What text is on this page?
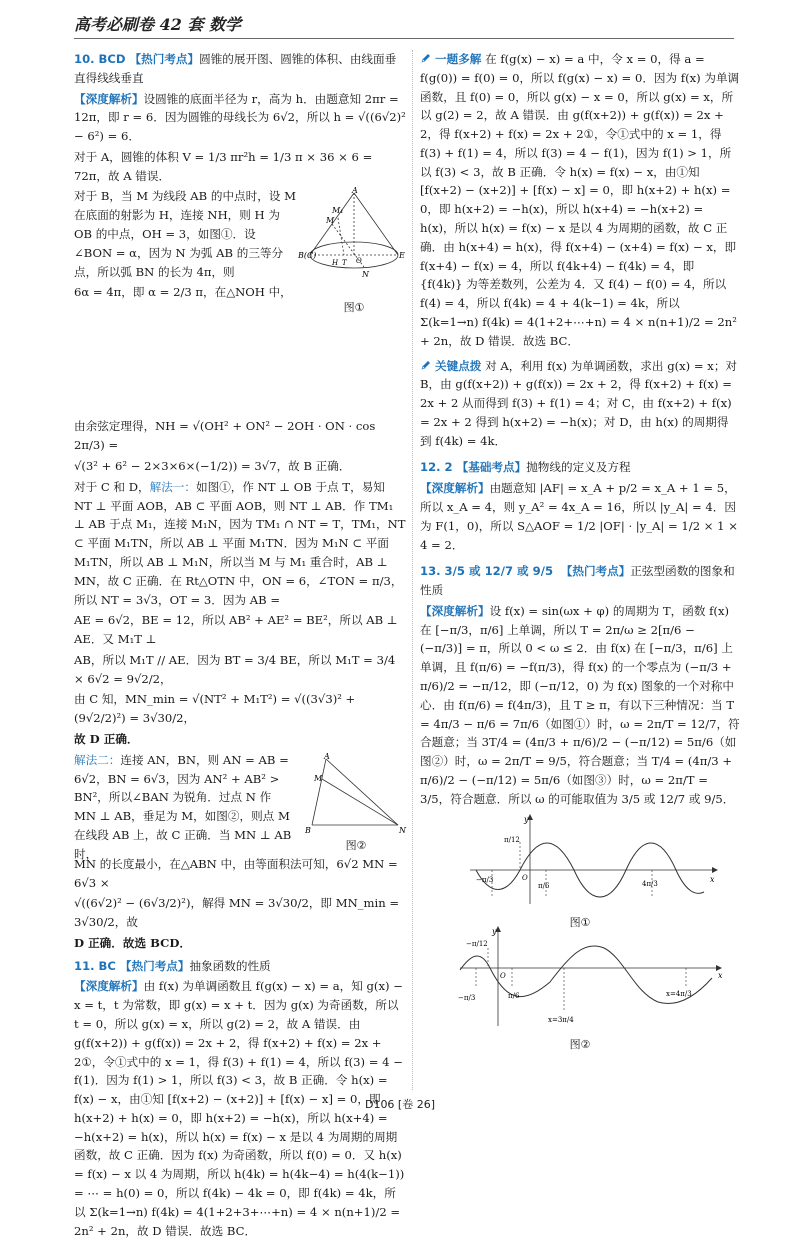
高考必刷卷 42 套 数学

10. BCD 【热门考点】圆锥的展开图、圆锥的体积、由线面垂直得线线垂直

【深度解析】设圆锥的底面半径为 r，高为 h．由题意知 2πr = 12π，即 r = 6．因为圆锥的母线长为 6√2，所以 h = √((6√2)² − 6²) = 6．

对于 A，圆锥的体积 V = 1/3 πr²h = 1/3 π × 36 × 6 = 72π，故 A 错误．

对于 B，当 M 为线段 AB 的中点时，设 M 在底面的射影为 H，连接 NH，则 H 为 OB 的中点，OH = 3，如图①．设 ∠BON = α，因为 N 为弧 AB 的三等分点，所以弧 BN 的长为 4π，则

6α = 4π，即 α = 2/3 π，在△NOH 中，

A
M
M₁
B(C)
H T O
N
E
图①

由余弦定理得，NH = √(OH² + ON² − 2OH · ON · cos 2π/3) =

√(3² + 6² − 2×3×6×(−1/2)) = 3√7，故 B 正确．

对于 C 和 D，解法一：如图①，作 NT ⊥ OB 于点 T，易知 NT ⊥ 平面 AOB，AB ⊂ 平面 AOB，则 NT ⊥ AB．作 TM₁ ⊥ AB 于点 M₁，连接 M₁N，因为 TM₁ ∩ NT = T，TM₁，NT ⊂ 平面 M₁TN，所以 AB ⊥ 平面 M₁TN．因为 M₁N ⊂ 平面 M₁TN，所以 AB ⊥ M₁N，所以当 M 与 M₁ 重合时，AB ⊥ MN，故 C 正确．在 Rt△OTN 中，ON = 6，∠TON = π/3，所以 NT = 3√3，OT = 3．因为 AB =

AE = 6√2，BE = 12，所以 AB² + AE² = BE²，所以 AB ⊥ AE．又 M₁T ⊥

AB，所以 M₁T // AE．因为 BT = 3/4 BE，所以 M₁T = 3/4 × 6√2 = 9√2/2，

由 C 知，MN_min = √(NT² + M₁T²) = √((3√3)² + (9√2/2)²) = 3√30/2，

故 D 正确．

解法二：连接 AN，BN，则 AN = AB = 6√2，BN = 6√3，因为 AN² + AB² > BN²，所以∠BAN 为锐角．过点 N 作 MN ⊥ AB，垂足为 M，如图②，则点 M 在线段 AB 上，故 C 正确．当 MN ⊥ AB 时，

A
M
B	N
图②

MN 的长度最小，在△ABN 中，由等面积法可知，6√2 MN = 6√3 ×

√((6√2)² − (6√3/2)²)，解得 MN = 3√30/2，即 MN_min = 3√30/2，故

D 正确．故选 BCD．

11. BC 【热门考点】抽象函数的性质

【深度解析】由 f(x) 为单调函数且 f(g(x) − x) = a，知 g(x) − x = t，t 为常数，即 g(x) = x + t．因为 g(x) 为奇函数，所以 t = 0，所以 g(x) = x，所以 g(2) = 2，故 A 错误．由 g(f(x+2)) + g(f(x)) = 2x + 2，得 f(x+2) + f(x) = 2x + 2①，令①式中的 x = 1，得 f(3) + f(1) = 4，所以 f(3) = 4 − f(1)．因为 f(1) > 1，所以 f(3) < 3，故 B 正确．令 h(x) = f(x) − x，由①知 [f(x+2) − (x+2)] + [f(x) − x] = 0，即 h(x+2) + h(x) = 0，即 h(x+2) = −h(x)，所以 h(x+4) = −h(x+2) = h(x)，所以 h(x) = f(x) − x 是以 4 为周期的周期函数，故 C 正确．因为 f(x) 为奇函数，所以 f(0) = 0．又 h(x) = f(x) − x 以 4 为周期，所以 h(4k) = h(4k−4) = h(4(k−1)) = ⋯ = h(0) = 0，所以 f(4k) − 4k = 0，即 f(4k) = 4k，所以 Σ(k=1→n) f(4k) = 4(1+2+3+⋯+n) = 4 × n(n+1)/2 = 2n² + 2n，故 D 错误．故选 BC．

一题多解 在 f(g(x) − x) = a 中，令 x = 0，得 a = f(g(0)) = f(0) = 0，所以 f(g(x) − x) = 0．因为 f(x) 为单调函数，且 f(0) = 0，所以 g(x) − x = 0，所以 g(x) = x，所以 g(2) = 2，故 A 错误．由 g(f(x+2)) + g(f(x)) = 2x + 2，得 f(x+2) + f(x) = 2x + 2①，令①式中的 x = 1，得 f(3) + f(1) = 4，所以 f(3) = 4 − f(1)，因为 f(1) > 1，所以 f(3) < 3，故 B 正确．令 h(x) = f(x) − x，由①知 [f(x+2) − (x+2)] + [f(x) − x] = 0，即 h(x+2) + h(x) = 0，即 h(x+2) = −h(x)，所以 h(x+4) = −h(x+2) = h(x)，所以 h(x) = f(x) − x 是以 4 为周期的函数，故 C 正确．由 h(x+4) = h(x)，得 f(x+4) − (x+4) = f(x) − x，即 f(x+4) − f(x) = 4，所以 f(4k+4) − f(4k) = 4，即 {f(4k)} 为等差数列，公差为 4．又 f(4) − f(0) = 4，所以 f(4) = 4，所以 f(4k) = 4 + 4(k−1) = 4k，所以 Σ(k=1→n) f(4k) = 4(1+2+⋯+n) = 4 × n(n+1)/2 = 2n² + 2n，故 D 错误．故选 BC．

关键点拨 对 A，利用 f(x) 为单调函数，求出 g(x) = x；对 B，由 g(f(x+2)) + g(f(x)) = 2x + 2，得 f(x+2) + f(x) = 2x + 2 从而得到 f(3) + f(1) = 4；对 C，由 f(x+2) + f(x) = 2x + 2 得到 h(x+2) = −h(x)；对 D，由 h(x) 的周期得到 f(4k) = 4k．

12. 2 【基础考点】抛物线的定义及方程

【深度解析】由题意知 |AF| = x_A + p/2 = x_A + 1 = 5，所以 x_A = 4，则 y_A² = 4x_A = 16，所以 |y_A| = 4．因为 F(1，0)，所以 S△AOF = 1/2 |OF| · |y_A| = 1/2 × 1 × 4 = 2．

13. 3/5 或 12/7 或 9/5 【热门考点】正弦型函数的图象和性质

【深度解析】设 f(x) = sin(ωx + φ) 的周期为 T，函数 f(x) 在 [−π/3，π/6] 上单调，所以 T = 2π/ω ≥ 2[π/6 − (−π/3)] = π，所以 0 < ω ≤ 2．由 f(x) 在 [−π/3，π/6] 上单调，且 f(π/6) = −f(π/3)，得 f(x) 的一个零点为 (−π/3 + π/6)/2 = −π/12，即 (−π/12，0) 为 f(x) 图象的一个对称中心．由 f(π/6) = f(4π/3)，且 T ≥ π，有以下三种情况：当 T = 4π/3 − π/6 = 7π/6（如图①）时，ω = 2π/T = 12/7，符合题意；当 3T/4 = (4π/3 + π/6)/2 − (−π/12) = 5π/6（如图②）时，ω = 2π/T = 9/5，符合题意；当 T/4 = (4π/3 + π/6)/2 − (−π/12) = 5π/6（如图③）时，ω = 2π/T = 3/5，符合题意．所以 ω 的可能取值为 3/5 或 12/7 或 9/5．

y
π/12
−π/3	O
π/6	4π/3	x
图①
y
−π/12
O
π/6
x
−π/3
x=3π/4
x=4π/3
图②
D106 [卷 26]
